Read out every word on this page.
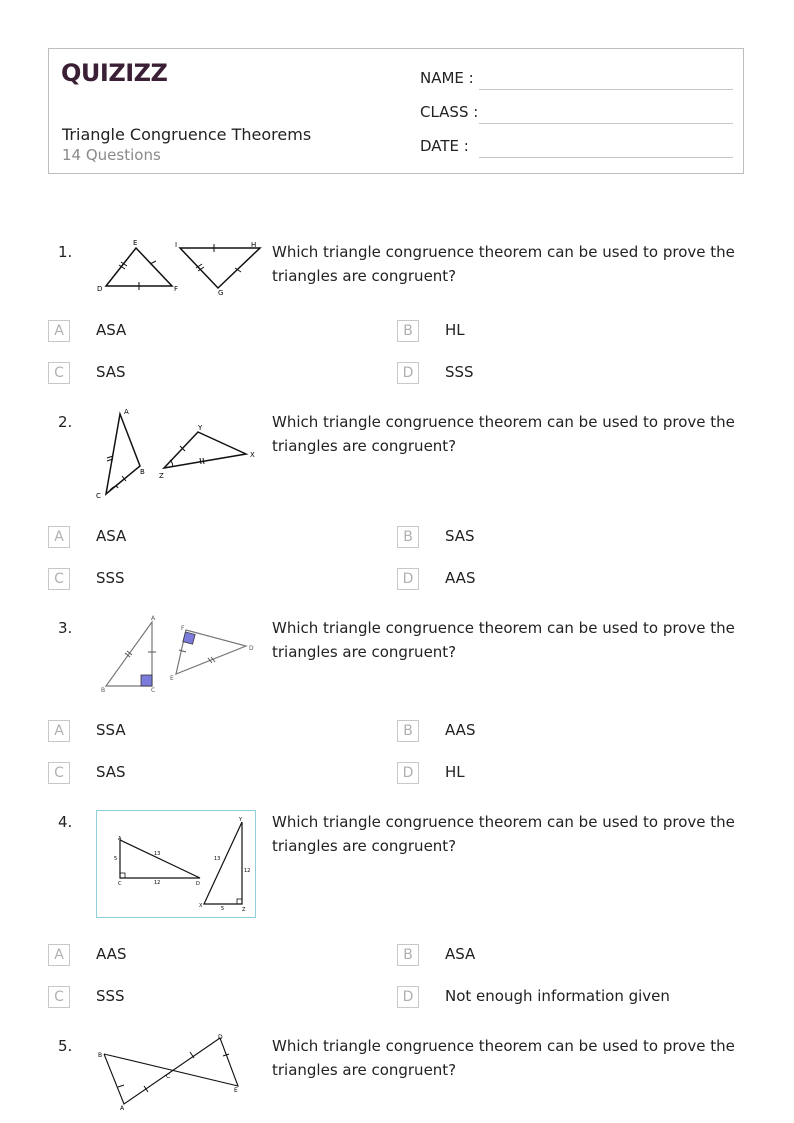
QUIZIZZ
Triangle Congruence Theorems
14 Questions
NAME :
CLASS :
DATE :
1.	E
D	F
I	H
G
Which triangle congruence theorem can be used to prove the triangles are congruent?
A	ASA	B	HL
C	SAS	D	SSS
2.
A
B
C
Y
X
Z
Which triangle congruence theorem can be used to prove the triangles are congruent?
A	ASA	B	SAS
C	SSS	D	AAS
3.
A
B	C
F
D
E
Which triangle congruence theorem can be used to prove the triangles are congruent?
A	SSA	B	AAS
C	SAS	D	HL
4.
A
C	D
5
13
12
Y
X
Z
13
12
5
Which triangle congruence theorem can be used to prove the triangles are congruent?
A	AAS	B	ASA
C	SSS	D	Not enough information given
5.
B
A
C
D
E
Which triangle congruence theorem can be used to prove the triangles are congruent?
